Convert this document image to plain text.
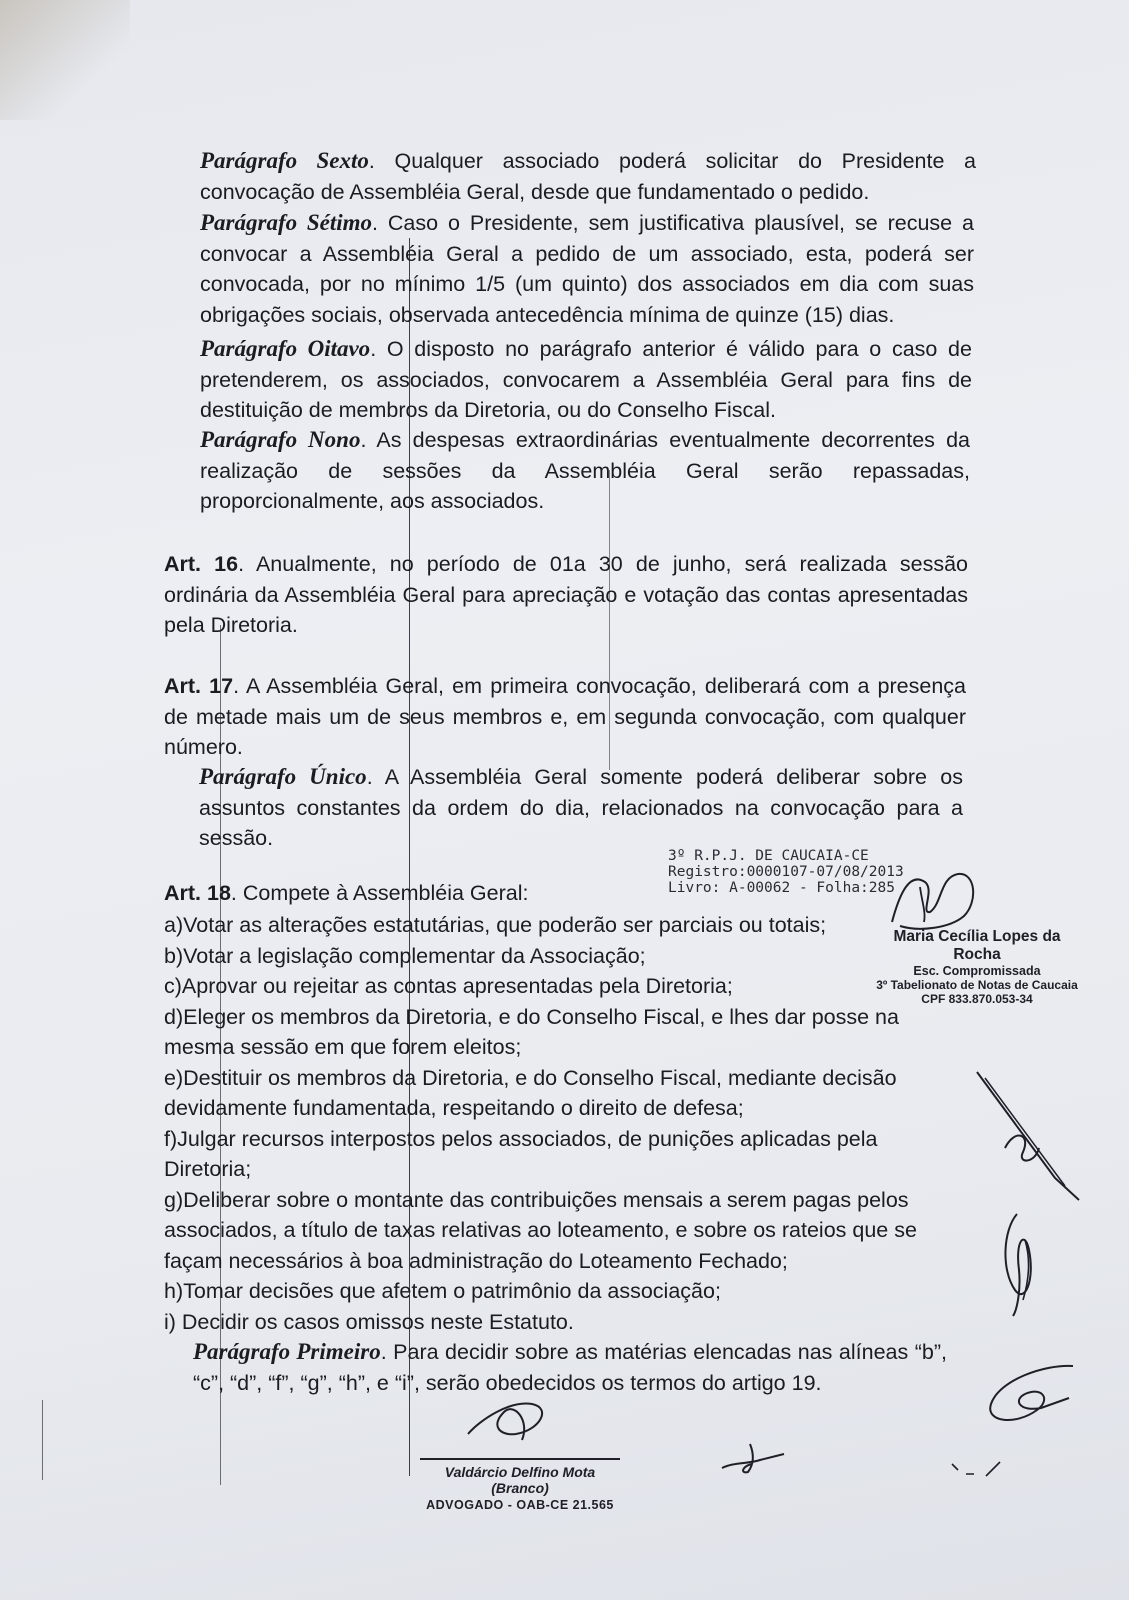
Parágrafo Sexto. Qualquer associado poderá solicitar do Presidente a convocação de Assembléia Geral, desde que fundamentado o pedido.
Parágrafo Sétimo. Caso o Presidente, sem justificativa plausível, se recuse a convocar a Assembléia Geral a pedido de um associado, esta, poderá ser convocada, por no mínimo 1/5 (um quinto) dos associados em dia com suas obrigações sociais, observada antecedência mínima de quinze (15) dias.
Parágrafo Oitavo. O disposto no parágrafo anterior é válido para o caso de pretenderem, os associados, convocarem a Assembléia Geral para fins de destituição de membros da Diretoria, ou do Conselho Fiscal.
Parágrafo Nono. As despesas extraordinárias eventualmente decorrentes da realização de sessões da Assembléia Geral serão repassadas, proporcionalmente, aos associados.
Art. 16. Anualmente, no período de 01a 30 de junho, será realizada sessão ordinária da Assembléia Geral para apreciação e votação das contas apresentadas pela Diretoria.
Art. 17. A Assembléia Geral, em primeira convocação, deliberará com a presença de metade mais um de seus membros e, em segunda convocação, com qualquer número.
Parágrafo Único. A Assembléia Geral somente poderá deliberar sobre os assuntos constantes da ordem do dia, relacionados na convocação para a sessão.
Art. 18. Compete à Assembléia Geral:
a)Votar as alterações estatutárias, que poderão ser parciais ou totais;
b)Votar a legislação complementar da Associação;
c)Aprovar ou rejeitar as contas apresentadas pela Diretoria;
d)Eleger os membros da Diretoria, e do Conselho Fiscal, e lhes dar posse na
mesma sessão em que forem eleitos;
e)Destituir os membros da Diretoria, e do Conselho Fiscal, mediante decisão
devidamente fundamentada, respeitando o direito de defesa;
f)Julgar recursos interpostos pelos associados, de punições aplicadas pela
Diretoria;
g)Deliberar sobre o montante das contribuições mensais a serem pagas pelos
associados, a título de taxas relativas ao loteamento, e sobre os rateios que se
façam necessários à boa administração do Loteamento Fechado;
h)Tomar decisões que afetem o patrimônio da associação;
i) Decidir os casos omissos neste Estatuto.
Parágrafo Primeiro. Para decidir sobre as matérias elencadas nas alíneas “b”, “c”, “d”, “f”, “g”, “h”, e “i”, serão obedecidos os termos do artigo 19.
3º R.P.J. DE CAUCAIA-CE
Registro:0000107-07/08/2013
Livro: A-00062 - Folha:285
Maria Cecília Lopes da Rocha
Esc. Compromissada
3º Tabelionato de Notas de Caucaia
CPF 833.870.053-34
Valdárcio Delfino Mota (Branco)
ADVOGADO - OAB-CE 21.565
